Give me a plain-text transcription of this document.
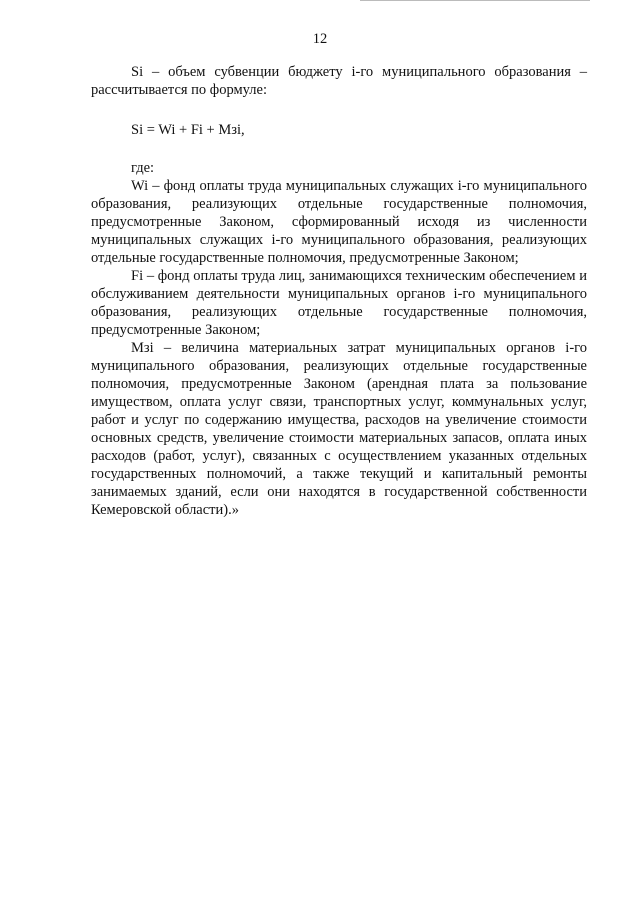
12

Si – объем субвенции бюджету i-го муниципального образования – рассчитывается по формуле:

Si = Wi + Fi + Мзi,

где:

Wi – фонд оплаты труда муниципальных служащих i-го муниципального образования, реализующих отдельные государственные полномочия, предусмотренные Законом, сформированный исходя из численности муниципальных служащих i-го муниципального образования, реализующих отдельные государственные полномочия, предусмотренные Законом;

Fi – фонд оплаты труда лиц, занимающихся техническим обеспечением и обслуживанием деятельности муниципальных органов i-го муниципального образования, реализующих отдельные государственные полномочия, предусмотренные Законом;

Мзi – величина материальных затрат муниципальных органов i-го муниципального образования, реализующих отдельные государственные полномочия, предусмотренные Законом (арендная плата за пользование имуществом, оплата услуг связи, транспортных услуг, коммунальных услуг, работ и услуг по содержанию имущества, расходов на увеличение стоимости основных средств, увеличение стоимости материальных запасов, оплата иных расходов (работ, услуг), связанных с осуществлением указанных отдельных государственных полномочий, а также текущий и капитальный ремонты занимаемых зданий, если они находятся в государственной собственности Кемеровской области).»
